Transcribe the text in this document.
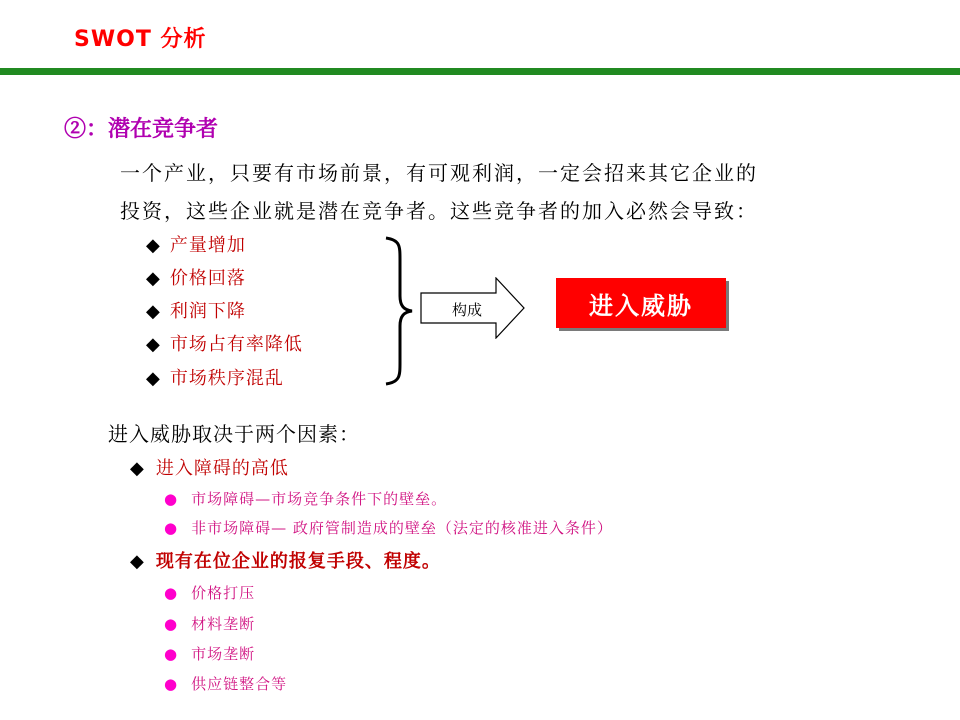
SWOT 分析
②：潜在竞争者
一个产业，只要有市场前景，有可观利润，一定会招来其它企业的
投资，这些企业就是潜在竞争者。这些竞争者的加入必然会导致：
◆ 产量增加
◆ 价格回落
◆ 利润下降
◆ 市场占有率降低
◆ 市场秩序混乱
构成	进入威胁
进入威胁取决于两个因素：
◆ 进入障碍的高低
● 市场障碍—市场竞争条件下的壁垒。
● 非市场障碍— 政府管制造成的壁垒（法定的核准进入条件）
◆ 现有在位企业的报复手段、程度。
● 价格打压
● 材料垄断
● 市场垄断
● 供应链整合等
